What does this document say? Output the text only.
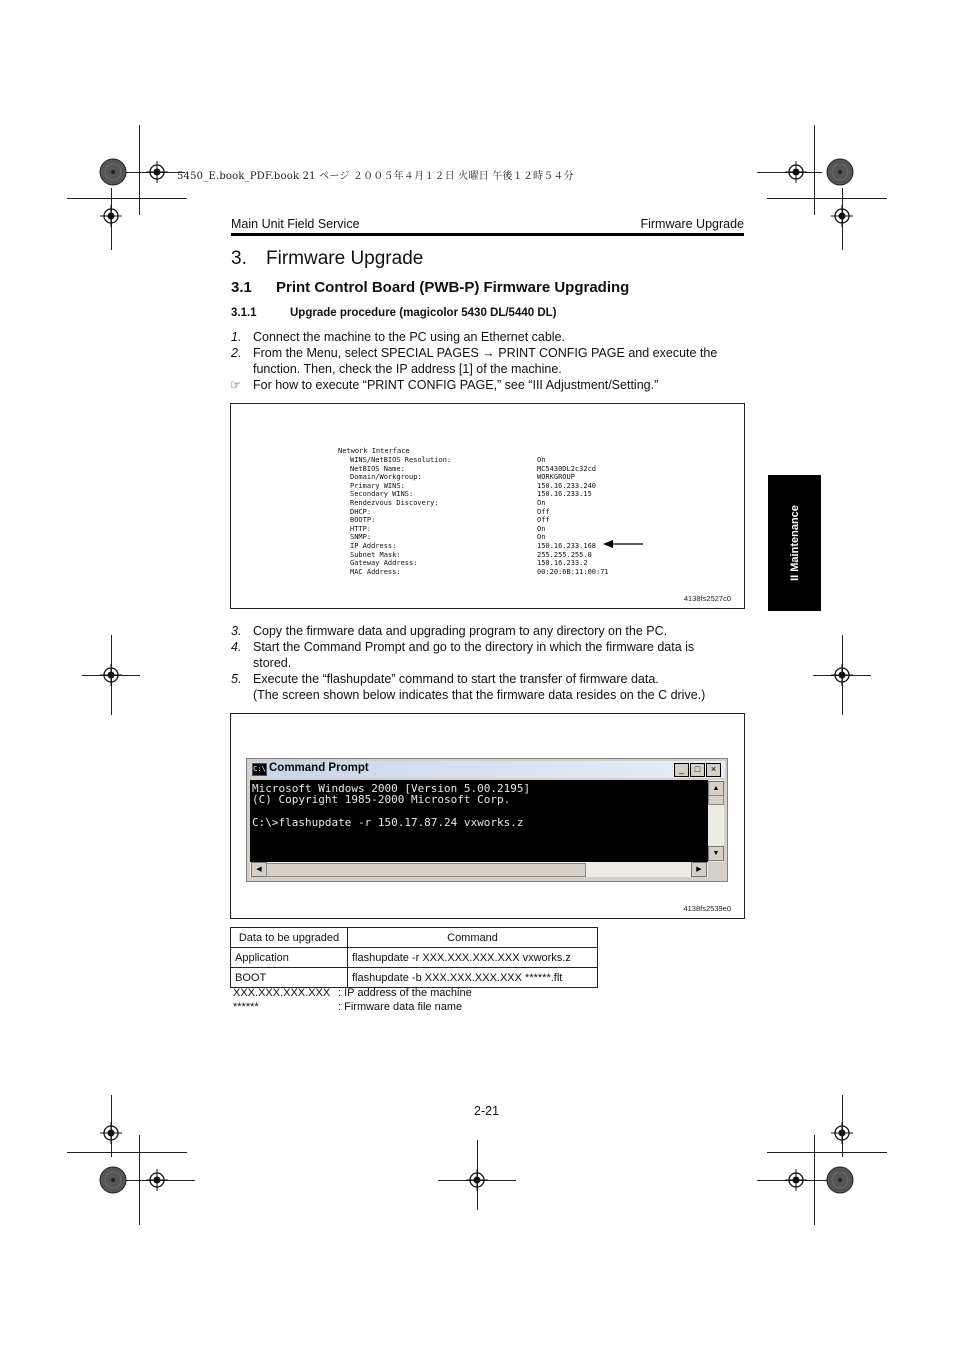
5450_E.book_PDF.book 21 ページ ２００５年４月１２日 火曜日 午後１２時５４分
Main Unit Field Service	Firmware Upgrade
3. Firmware Upgrade
3.1 Print Control Board (PWB-P) Firmware Upgrading
3.1.1	Upgrade procedure (magicolor 5430 DL/5440 DL)
1. Connect the machine to the PC using an Ethernet cable.
2. From the Menu, select SPECIAL PAGES → PRINT CONFIG PAGE and execute the
function. Then, check the IP address [1] of the machine.
☞ For how to execute “PRINT CONFIG PAGE,” see “III Adjustment/Setting.”
Network Interface
WINS/NetBIOS Resolution:	On
NetBIOS Name:	MC5430DL2c32cd
Domain/Workgroup:	WORKGROUP
Primary WINS:	150.16.233.240
Secondary WINS:	150.16.233.15
Rendezvous Discovery:	On
DHCP:	Off
BOOTP:	Off
HTTP:	On
SNMP:	On
IP Address:	150.16.233.168
Subnet Mask:	255.255.255.0
Gateway Address:	150.16.233.2
MAC Address:	00:20:6B:11:00:71
4138fs2527c0
3. Copy the firmware data and upgrading program to any directory on the PC.
4. Start the Command Prompt and go to the directory in which the firmware data is
stored.
5. Execute the “flashupdate” command to start the transfer of firmware data.
(The screen shown below indicates that the firmware data resides on the C drive.)
C:\ Command Prompt	_	□	×
Microsoft Windows 2000 [Version 5.00.2195]
(C) Copyright 1985-2000 Microsoft Corp.
C:\>flashupdate -r 150.17.87.24 vxworks.z
▲
▼
◀	▶
4138fs2539e0
Data to be upgraded	Command
Application	flashupdate -r XXX.XXX.XXX.XXX vxworks.z
BOOT	flashupdate -b XXX.XXX.XXX.XXX ******.flt
XXX.XXX.XXX.XXX : IP address of the machine
******	: Firmware data file name
II Maintenance
2-21
